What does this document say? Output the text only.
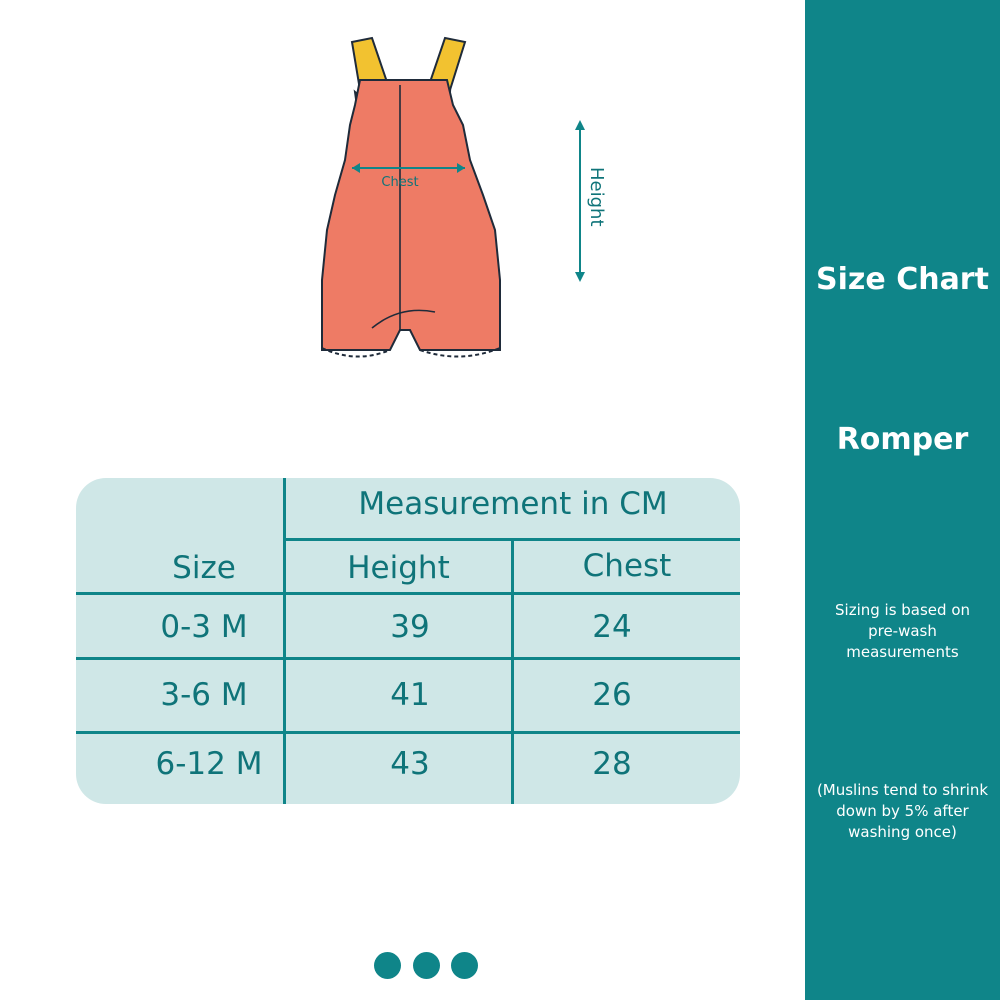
Chest	Height
Measurement in CM
Size	Height	Chest
0-3 M	39	24
3-6 M	41	26
6-12 M	43	28
Size Chart
Romper
Sizing is based on pre-wash measurements
(Muslins tend to shrink down by 5% after washing once)
